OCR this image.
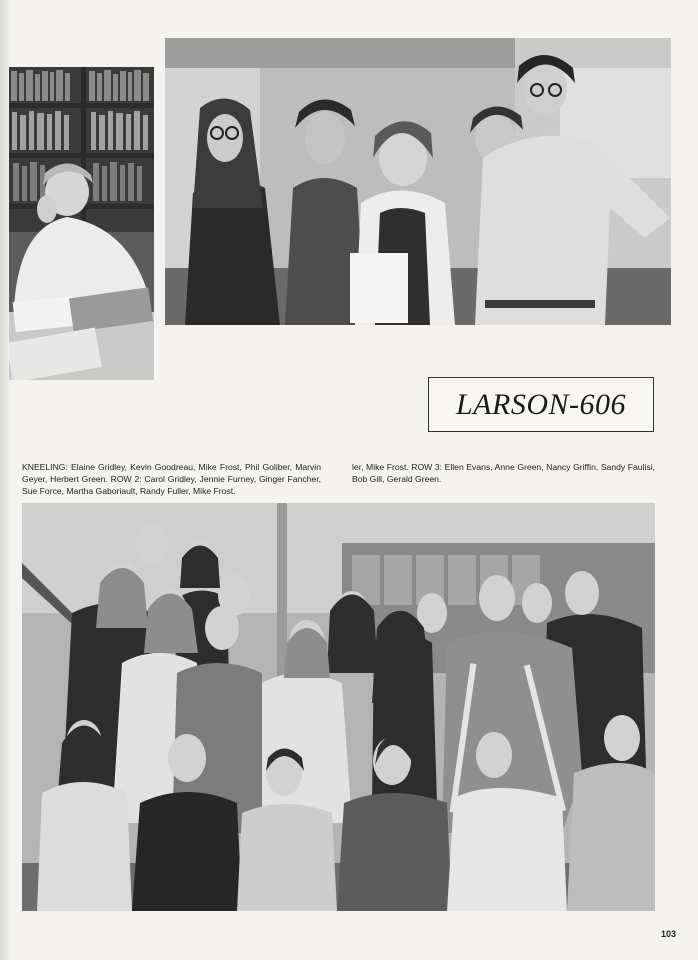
LARSON-606
KNEELING: Elaine Gridley, Kevin Goodreau, Mike Frost, Phil Goliber, Marvin Geyer, Herbert Green. ROW 2: Carol Gridley, Jennie Furney, Ginger Fancher, Sue Force, Martha Gaboriault, Randy Fuller, Mike Frost.
ler, Mike Frost. ROW 3: Ellen Evans, Anne Green, Nancy Griffin, Sandy Faulisi, Bob Gill, Gerald Green.
103
